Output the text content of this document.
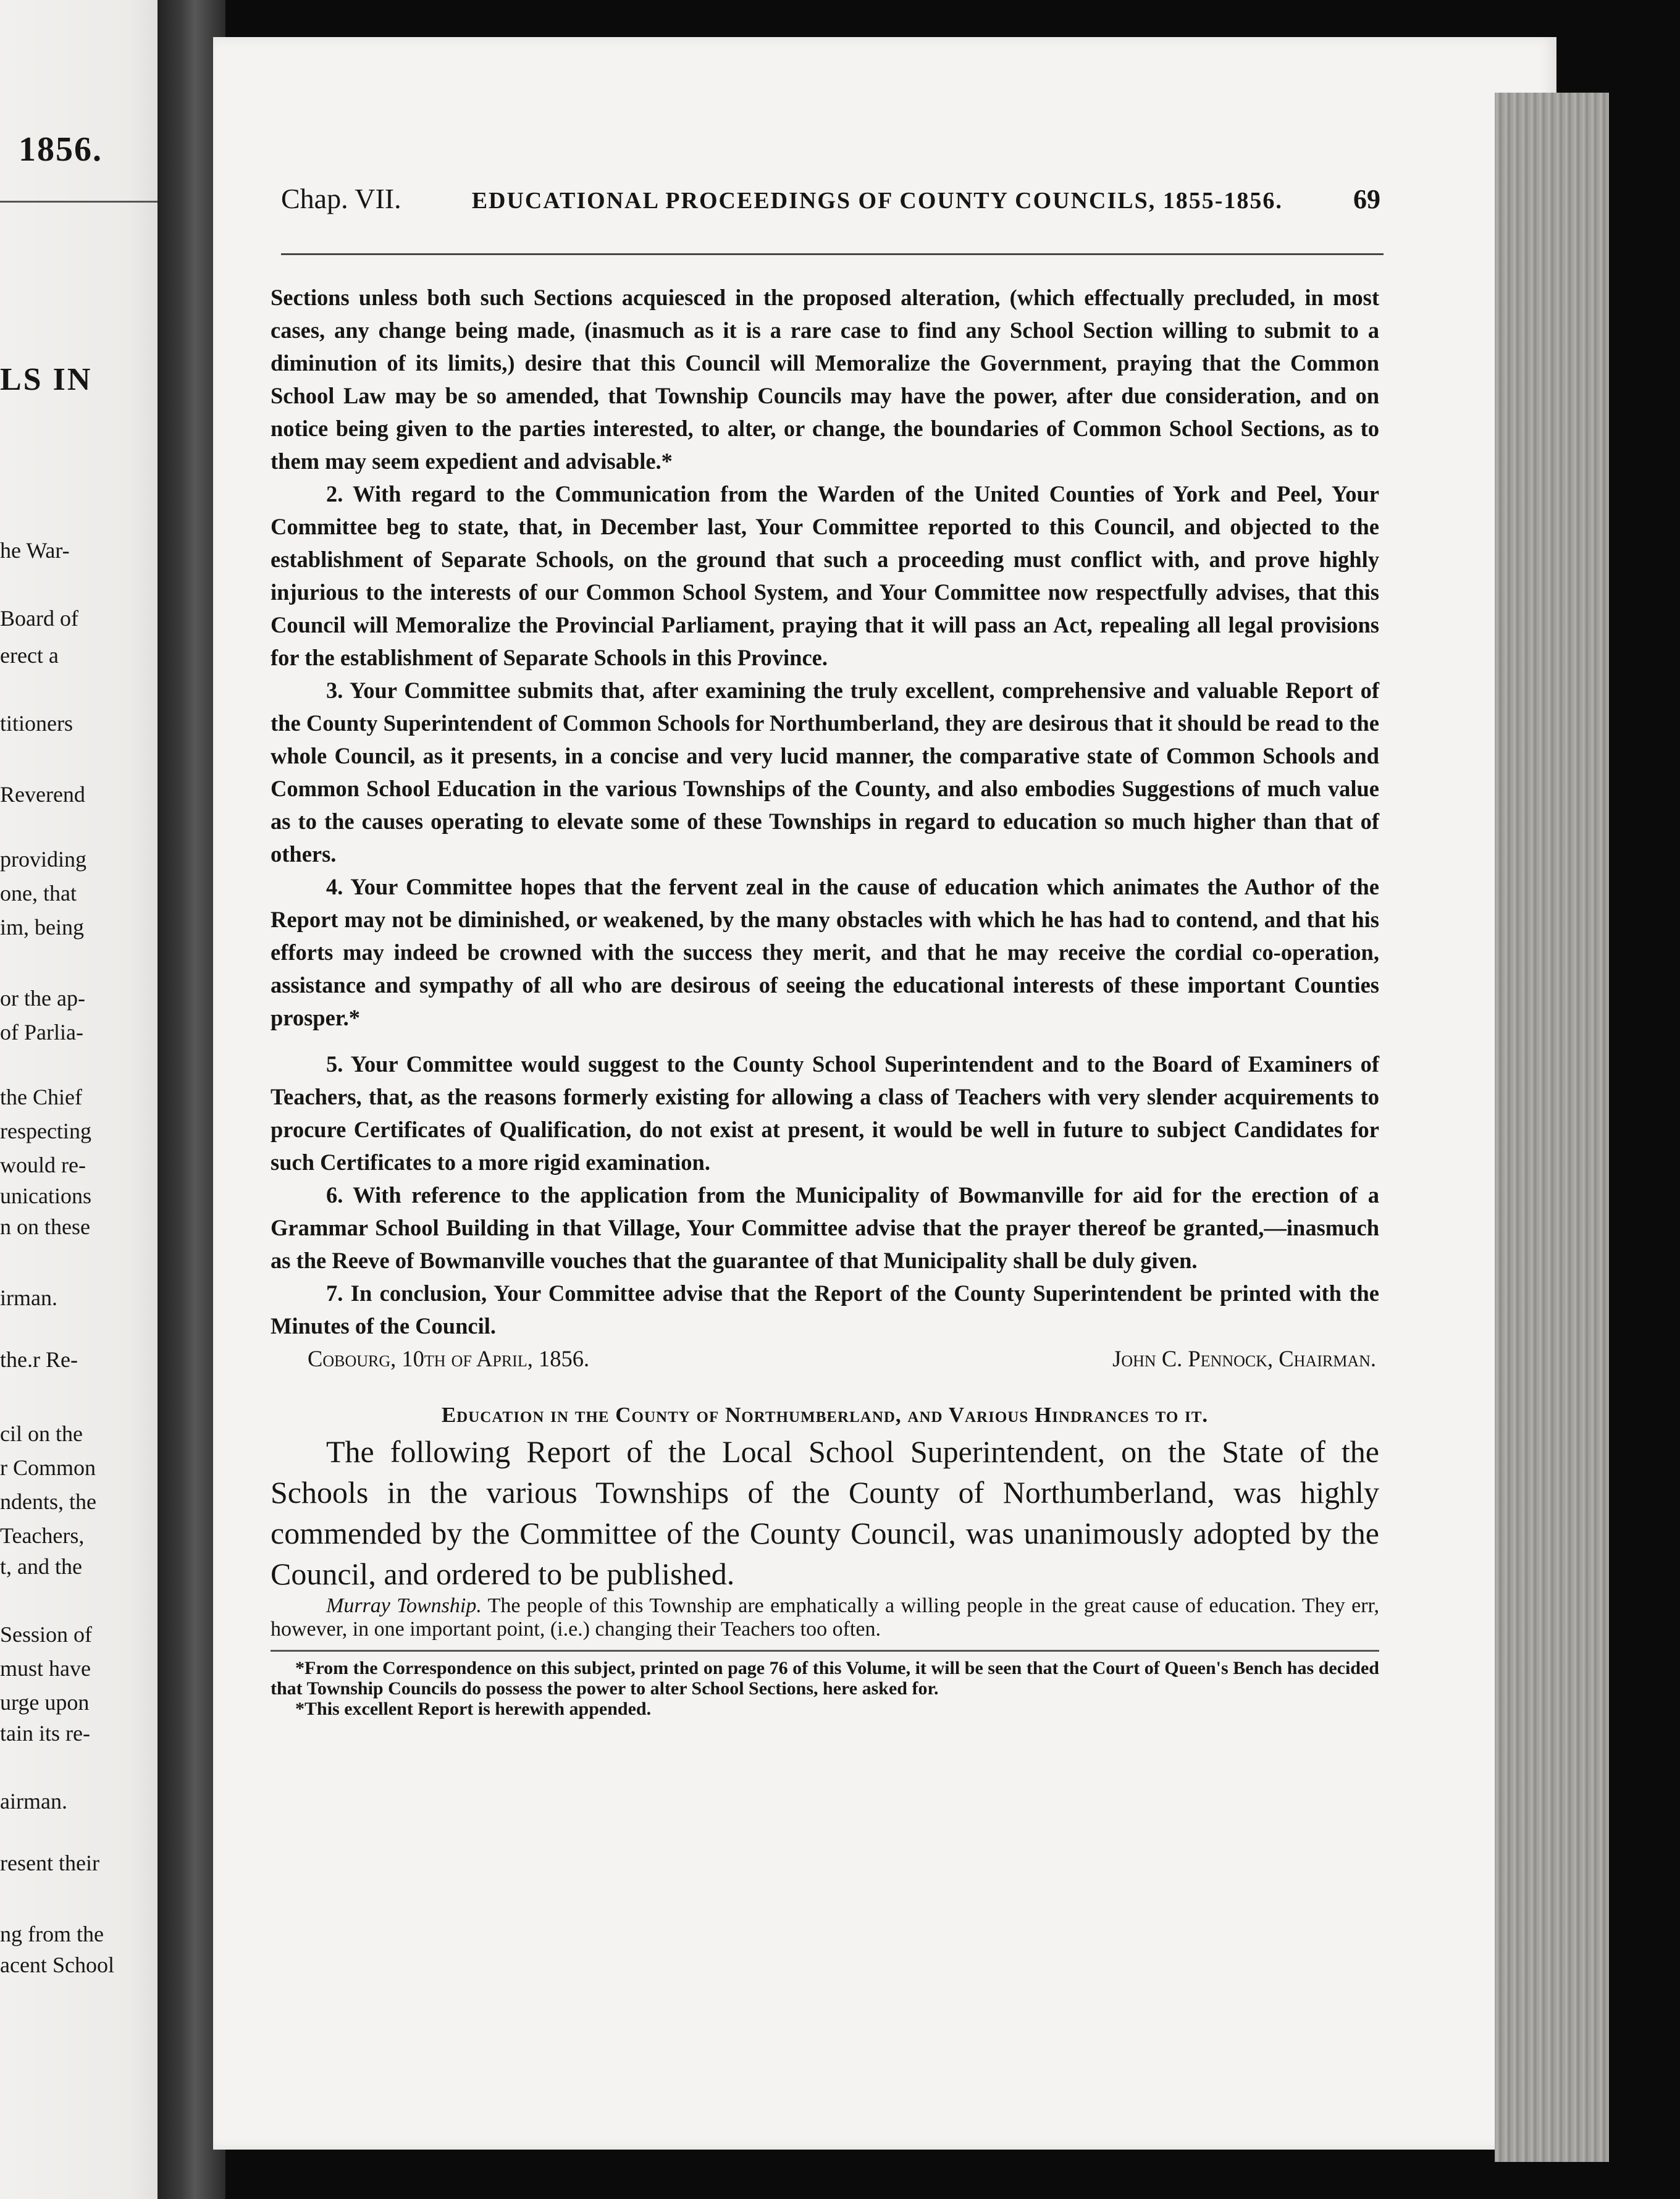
1856.
LS IN
he War-
Board of
erect a
titioners
Reverend
providing
one, that
im, being
or the ap-
of Parlia-
the Chief
respecting
would re-
unications
n on these
irman.
the.r Re-
cil on the
r Common
ndents, the
Teachers,
t, and the
Session of
must have
urge upon
tain its re-
airman.
resent their
ng from the
acent School
Chap. VII.	EDUCATIONAL PROCEEDINGS OF COUNTY COUNCILS, 1855-1856.	69

Sections unless both such Sections acquiesced in the proposed alteration, (which effectually precluded, in most cases, any change being made, (inasmuch as it is a rare case to find any School Section willing to submit to a diminution of its limits,) desire that this Council will Memoralize the Government, praying that the Common School Law may be so amended, that Township Councils may have the power, after due consideration, and on notice being given to the parties interested, to alter, or change, the boundaries of Common School Sections, as to them may seem expedient and advisable.*

2. With regard to the Communication from the Warden of the United Counties of York and Peel, Your Committee beg to state, that, in December last, Your Committee reported to this Council, and objected to the establishment of Separate Schools, on the ground that such a proceeding must conflict with, and prove highly injurious to the interests of our Common School System, and Your Committee now respectfully advises, that this Council will Memoralize the Provincial Parliament, praying that it will pass an Act, repealing all legal provisions for the establishment of Separate Schools in this Province.

3. Your Committee submits that, after examining the truly excellent, comprehensive and valuable Report of the County Superintendent of Common Schools for Northumberland, they are desirous that it should be read to the whole Council, as it presents, in a concise and very lucid manner, the comparative state of Common Schools and Common School Education in the various Townships of the County, and also embodies Suggestions of much value as to the causes operating to elevate some of these Townships in regard to education so much higher than that of others.

4. Your Committee hopes that the fervent zeal in the cause of education which animates the Author of the Report may not be diminished, or weakened, by the many obstacles with which he has had to contend, and that his efforts may indeed be crowned with the success they merit, and that he may receive the cordial co-operation, assistance and sympathy of all who are desirous of seeing the educational interests of these important Counties prosper.*

5. Your Committee would suggest to the County School Superintendent and to the Board of Examiners of Teachers, that, as the reasons formerly existing for allowing a class of Teachers with very slender acquirements to procure Certificates of Qualification, do not exist at present, it would be well in future to subject Candidates for such Certificates to a more rigid examination.

6. With reference to the application from the Municipality of Bowmanville for aid for the erection of a Grammar School Building in that Village, Your Committee advise that the prayer thereof be granted,—inasmuch as the Reeve of Bowmanville vouches that the guarantee of that Municipality shall be duly given.

7. In conclusion, Your Committee advise that the Report of the County Superintendent be printed with the Minutes of the Council.

Cobourg, 10th of April, 1856.	John C. Pennock, Chairman.
Education in the County of Northumberland, and Various Hindrances to it.

The following Report of the Local School Superintendent, on the State of the Schools in the various Townships of the County of Northumberland, was highly commended by the Committee of the County Council, was unanimously adopted by the Council, and ordered to be published.

Murray Township. The people of this Township are emphatically a willing people in the great cause of education. They err, however, in one important point, (i.e.) changing their Teachers too often.

*From the Correspondence on this subject, printed on page 76 of this Volume, it will be seen that the Court of Queen's Bench has decided that Township Councils do possess the power to alter School Sections, here asked for.

*This excellent Report is herewith appended.
